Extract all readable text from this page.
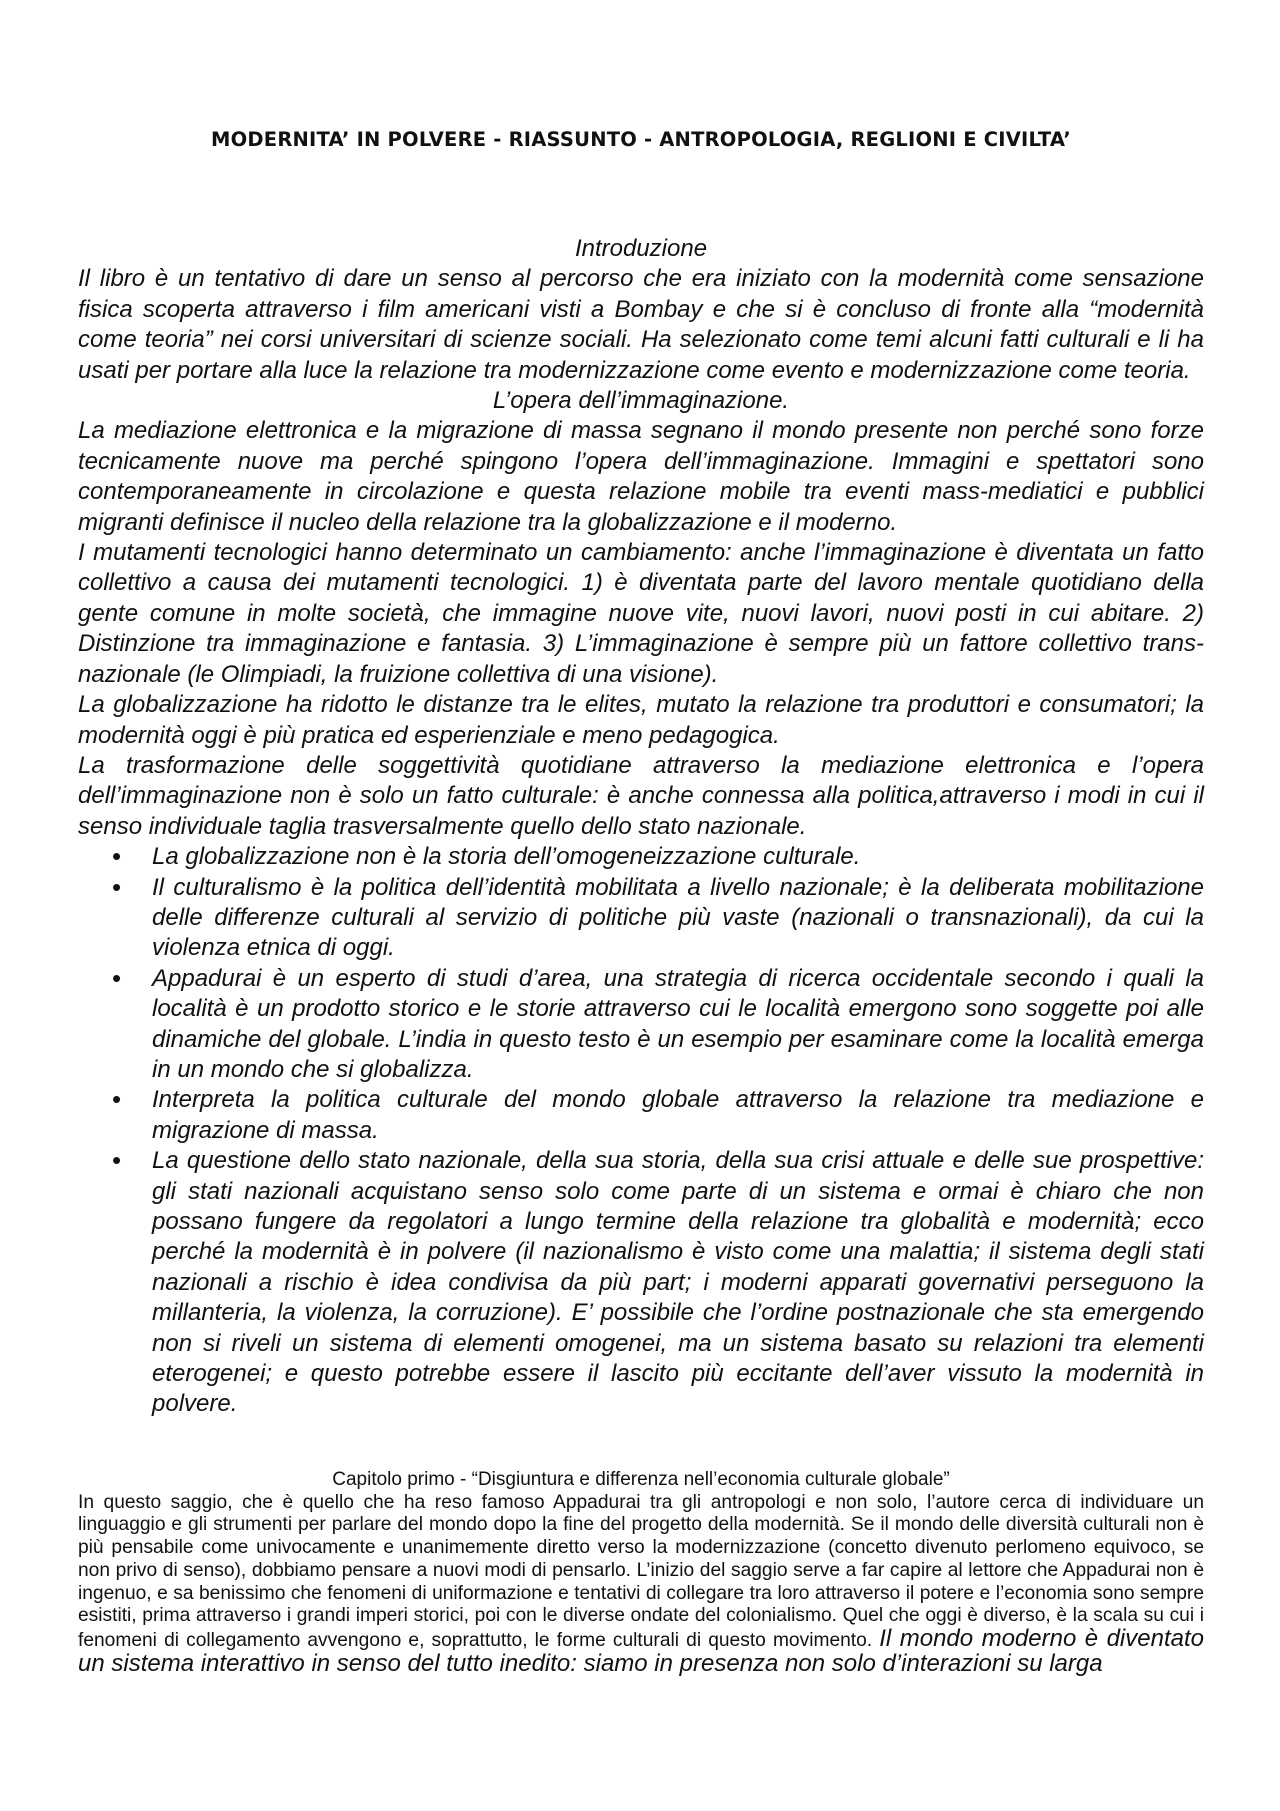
MODERNITA’ IN POLVERE - RIASSUNTO - ANTROPOLOGIA, REGLIONI E CIVILTA’

Introduzione

Il libro è un tentativo di dare un senso al percorso che era iniziato con la modernità come sensazione fisica scoperta attraverso i film americani visti a Bombay e che si è concluso di fronte alla “modernità come teoria” nei corsi universitari di scienze sociali. Ha selezionato come temi alcuni fatti culturali e li ha usati per portare alla luce la relazione tra modernizzazione come evento e modernizzazione come teoria.

L’opera dell’immaginazione.

La mediazione elettronica e la migrazione di massa segnano il mondo presente non perché sono forze tecnicamente nuove ma perché spingono l’opera dell’immaginazione. Immagini e spettatori sono contemporaneamente in circolazione e questa relazione mobile tra eventi mass-mediatici e pubblici migranti definisce il nucleo della relazione tra la globalizzazione e il moderno.

I mutamenti tecnologici hanno determinato un cambiamento: anche l’immaginazione è diventata un fatto collettivo a causa dei mutamenti tecnologici. 1) è diventata parte del lavoro mentale quotidiano della gente comune in molte società, che immagine nuove vite, nuovi lavori, nuovi posti in cui abitare. 2) Distinzione tra immaginazione e fantasia. 3) L’immaginazione è sempre più un fattore collettivo trans-nazionale (le Olimpiadi, la fruizione collettiva di una visione).

La globalizzazione ha ridotto le distanze tra le elites, mutato la relazione tra produttori e consumatori; la modernità oggi è più pratica ed esperienziale e meno pedagogica.

La trasformazione delle soggettività quotidiane attraverso la mediazione elettronica e l’opera dell’immaginazione non è solo un fatto culturale: è anche connessa alla politica,attraverso i modi in cui il senso individuale taglia trasversalmente quello dello stato nazionale.

• La globalizzazione non è la storia dell’omogeneizzazione culturale.
• Il culturalismo è la politica dell’identità mobilitata a livello nazionale; è la deliberata mobilitazione delle differenze culturali al servizio di politiche più vaste (nazionali o transnazionali), da cui la violenza etnica di oggi.
• Appadurai è un esperto di studi d’area, una strategia di ricerca occidentale secondo i quali la località è un prodotto storico e le storie attraverso cui le località emergono sono soggette poi alle dinamiche del globale. L’india in questo testo è un esempio per esaminare come la località emerga in un mondo che si globalizza.
• Interpreta la politica culturale del mondo globale attraverso la relazione tra mediazione e migrazione di massa.
• La questione dello stato nazionale, della sua storia, della sua crisi attuale e delle sue prospettive: gli stati nazionali acquistano senso solo come parte di un sistema e ormai è chiaro che non possano fungere da regolatori a lungo termine della relazione tra globalità e modernità; ecco perché la modernità è in polvere (il nazionalismo è visto come una malattia; il sistema degli stati nazionali a rischio è idea condivisa da più part; i moderni apparati governativi perseguono la millanteria, la violenza, la corruzione). E’ possibile che l’ordine postnazionale che sta emergendo non si riveli un sistema di elementi omogenei, ma un sistema basato su relazioni tra elementi eterogenei; e questo potrebbe essere il lascito più eccitante dell’aver vissuto la modernità in polvere.

Capitolo primo - “Disgiuntura e differenza nell’economia culturale globale”

In questo saggio, che è quello che ha reso famoso Appadurai tra gli antropologi e non solo, l’autore cerca di individuare un linguaggio e gli strumenti per parlare del mondo dopo la fine del progetto della modernità. Se il mondo delle diversità culturali non è più pensabile come univocamente e unanimemente diretto verso la modernizzazione (concetto divenuto perlomeno equivoco, se non privo di senso), dobbiamo pensare a nuovi modi di pensarlo. L’inizio del saggio serve a far capire al lettore che Appadurai non è ingenuo, e sa benissimo che fenomeni di uniformazione e tentativi di collegare tra loro attraverso il potere e l’economia sono sempre esistiti, prima attraverso i grandi imperi storici, poi con le diverse ondate del colonialismo. Quel che oggi è diverso, è la scala su cui i fenomeni di collegamento avvengono e, soprattutto, le forme culturali di questo movimento. Il mondo moderno è diventato un sistema interattivo in senso del tutto inedito: siamo in presenza non solo d’interazioni su larga
